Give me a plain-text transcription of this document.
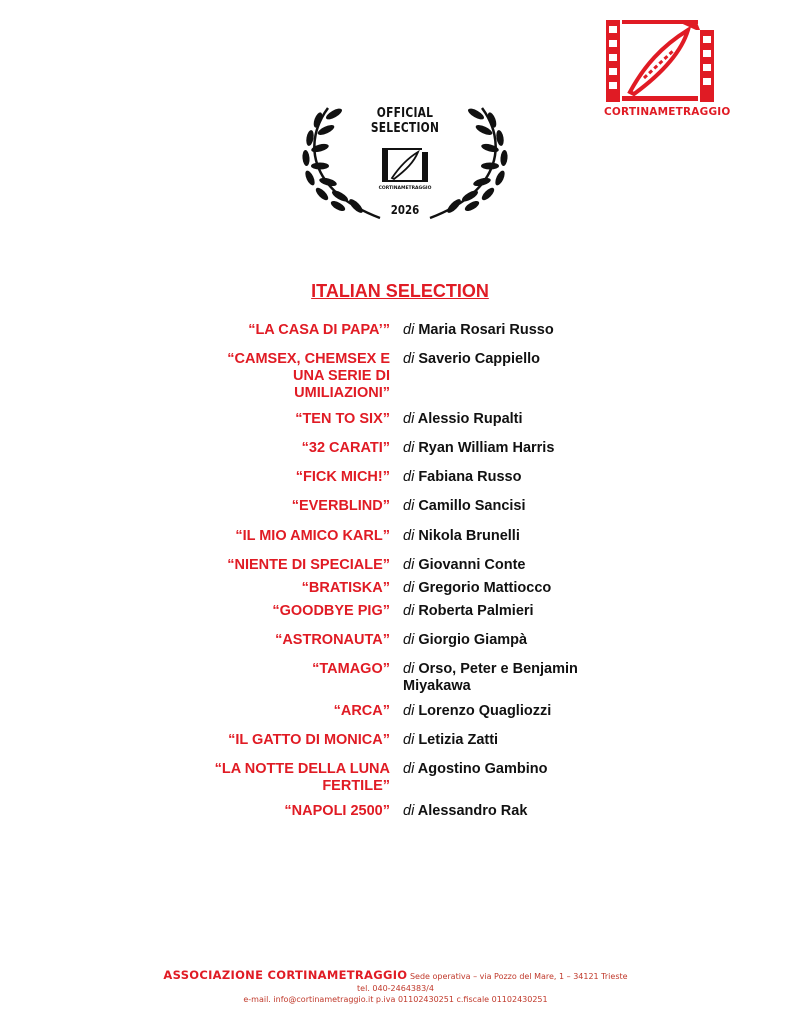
CORTINAMETRAGGIO
OFFICIAL
SELECTION
CORTINAMETRAGGIO
2026
ITALIAN SELECTION
“LA CASA DI PAPA’” di Maria Rosari Russo
“CAMSEX, CHEMSEX E
UNA SERIE DI
UMILIAZIONI”
di Saverio Cappiello
“TEN TO SIX” di Alessio Rupalti
“32 CARATI” di Ryan William Harris
“FICK MICH!” di Fabiana Russo
“EVERBLIND” di Camillo Sancisi
“IL MIO AMICO KARL” di Nikola Brunelli
“NIENTE DI SPECIALE” di Giovanni Conte
“BRATISKA” di Gregorio Mattiocco
“GOODBYE PIG” di Roberta Palmieri
“ASTRONAUTA” di Giorgio Giampà
“TAMAGO” di Orso, Peter e Benjamin
Miyakawa
“ARCA” di Lorenzo Quagliozzi
“IL GATTO DI MONICA” di Letizia Zatti
“LA NOTTE DELLA LUNA
FERTILE”
di Agostino Gambino
“NAPOLI 2500” di Alessandro Rak
ASSOCIAZIONE CORTINAMETRAGGIO Sede operativa – via Pozzo del Mare, 1 – 34121 Trieste
tel. 040-2464383/4
e-mail. info@cortinametraggio.it p.iva 01102430251 c.fiscale 01102430251
